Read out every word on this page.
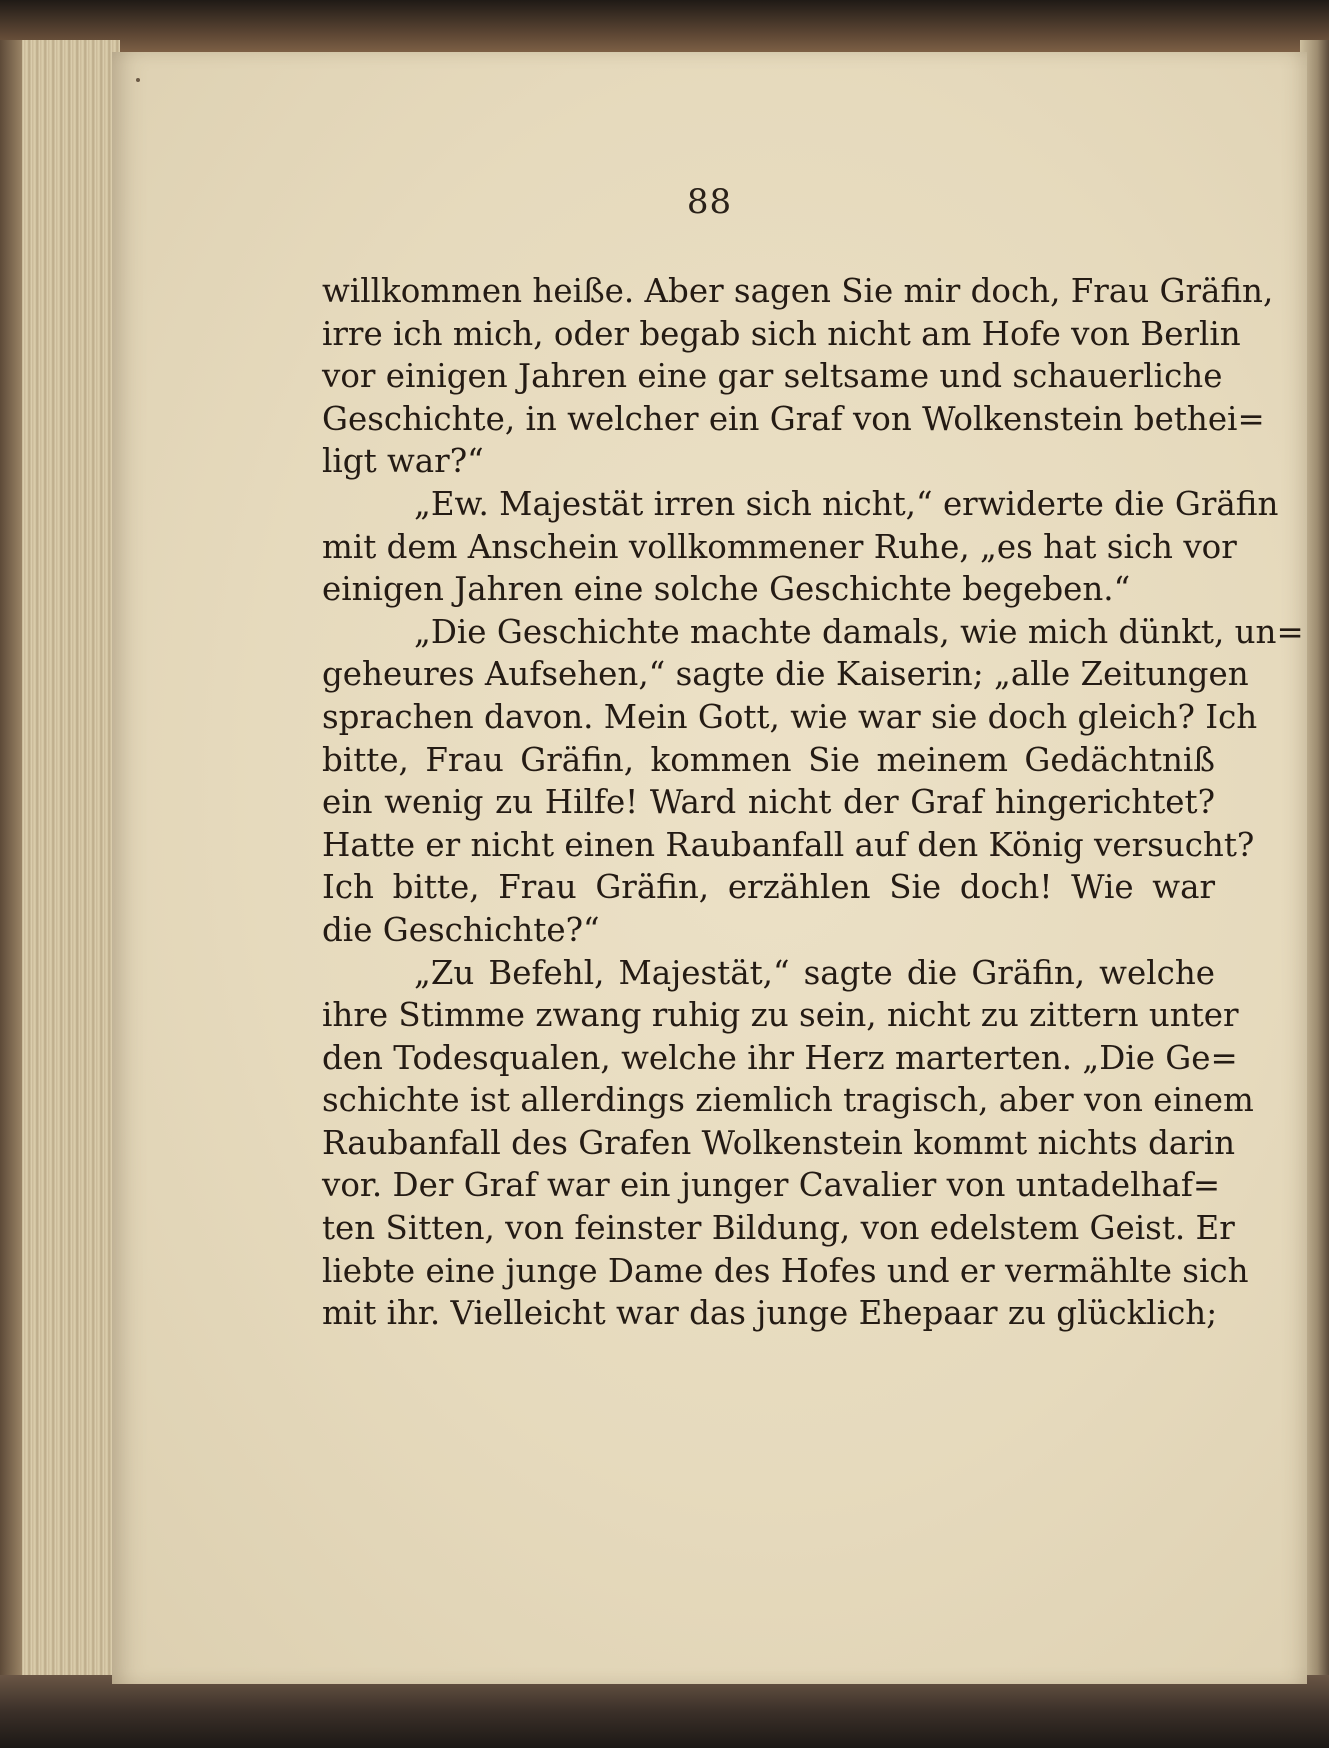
88
willkommen heiße. Aber sagen Sie mir doch, Frau Gräfin,
irre ich mich, oder begab sich nicht am Hofe von Berlin
vor einigen Jahren eine gar seltsame und schauerliche
Geschichte, in welcher ein Graf von Wolkenstein bethei=
ligt war?“
„Ew. Majestät irren sich nicht,“ erwiderte die Gräfin
mit dem Anschein vollkommener Ruhe, „es hat sich vor
einigen Jahren eine solche Geschichte begeben.“
„Die Geschichte machte damals, wie mich dünkt, un=
geheures Aufsehen,“ sagte die Kaiserin; „alle Zeitungen
sprachen davon. Mein Gott, wie war sie doch gleich? Ich
bitte, Frau Gräfin, kommen Sie meinem Gedächtniß
ein wenig zu Hilfe! Ward nicht der Graf hingerichtet?
Hatte er nicht einen Raubanfall auf den König versucht?
Ich bitte, Frau Gräfin, erzählen Sie doch! Wie war
die Geschichte?“
„Zu Befehl, Majestät,“ sagte die Gräfin, welche
ihre Stimme zwang ruhig zu sein, nicht zu zittern unter
den Todesqualen, welche ihr Herz marterten. „Die Ge=
schichte ist allerdings ziemlich tragisch, aber von einem
Raubanfall des Grafen Wolkenstein kommt nichts darin
vor. Der Graf war ein junger Cavalier von untadelhaf=
ten Sitten, von feinster Bildung, von edelstem Geist. Er
liebte eine junge Dame des Hofes und er vermählte sich
mit ihr. Vielleicht war das junge Ehepaar zu glücklich;
